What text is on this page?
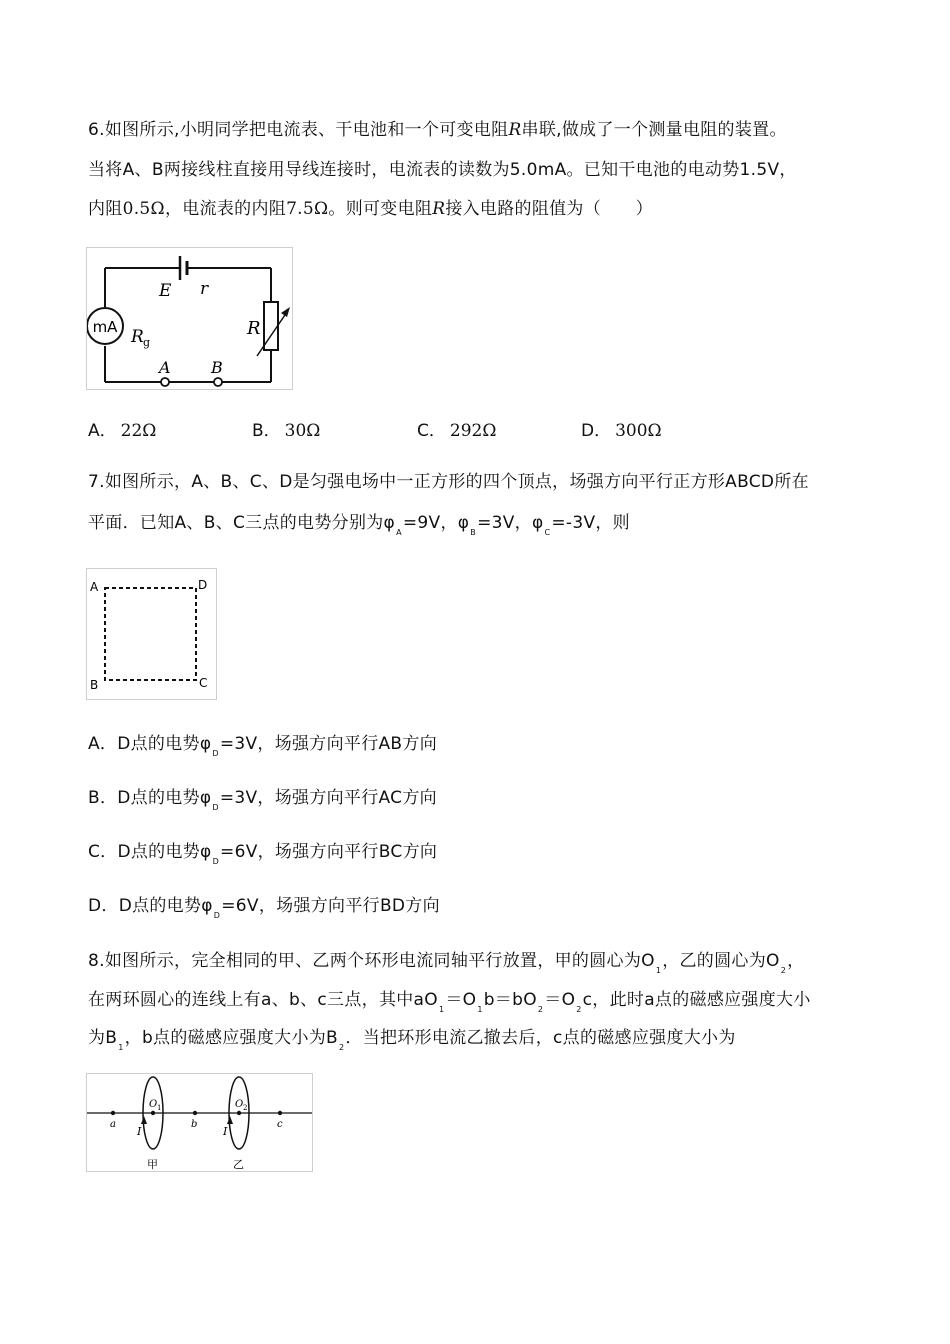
6.如图所示,小明同学把电流表、干电池和一个可变电阻R串联,做成了一个测量电阻的装置。
当将A、B两接线柱直接用导线连接时，电流表的读数为5.0mA。已知干电池的电动势1.5V，
内阻0.5Ω，电流表的内阻7.5Ω。则可变电阻R接入电路的阻值为（　　）
mA
E r
R
R g
A	B
A． 22Ω	B． 30Ω	C． 292Ω	D． 300Ω
7.如图所示，A、B、C、D是匀强电场中一正方形的四个顶点，场强方向平行正方形ABCD所在
平面．已知A、B、C三点的电势分别为$\varphi_A=9V$，$\varphi_B=3V$，$\varphi_C=-3V$，则
A	D
B	C
A．D点的电势$\varphi_D=3V$，场强方向平行AB方向
B．D点的电势$\varphi_D=3V$，场强方向平行AC方向
C．D点的电势$\varphi_D=6V$，场强方向平行BC方向
D．D点的电势$\varphi_D=6V$，场强方向平行BD方向
8.如图所示，完全相同的甲、乙两个环形电流同轴平行放置，甲的圆心为$O_1$，乙的圆心为$O_2$，
在两环圆心的连线上有a、b、c三点，其中$aO_1=O_1b=bO_2=O_2c$，此时a点的磁感应强度大小
为$B_1$，b点的磁感应强度大小为$B_2$．当把环形电流乙撤去后，c点的磁感应强度大小为
a	b	c
O 1	O 2
I	I
甲	乙
